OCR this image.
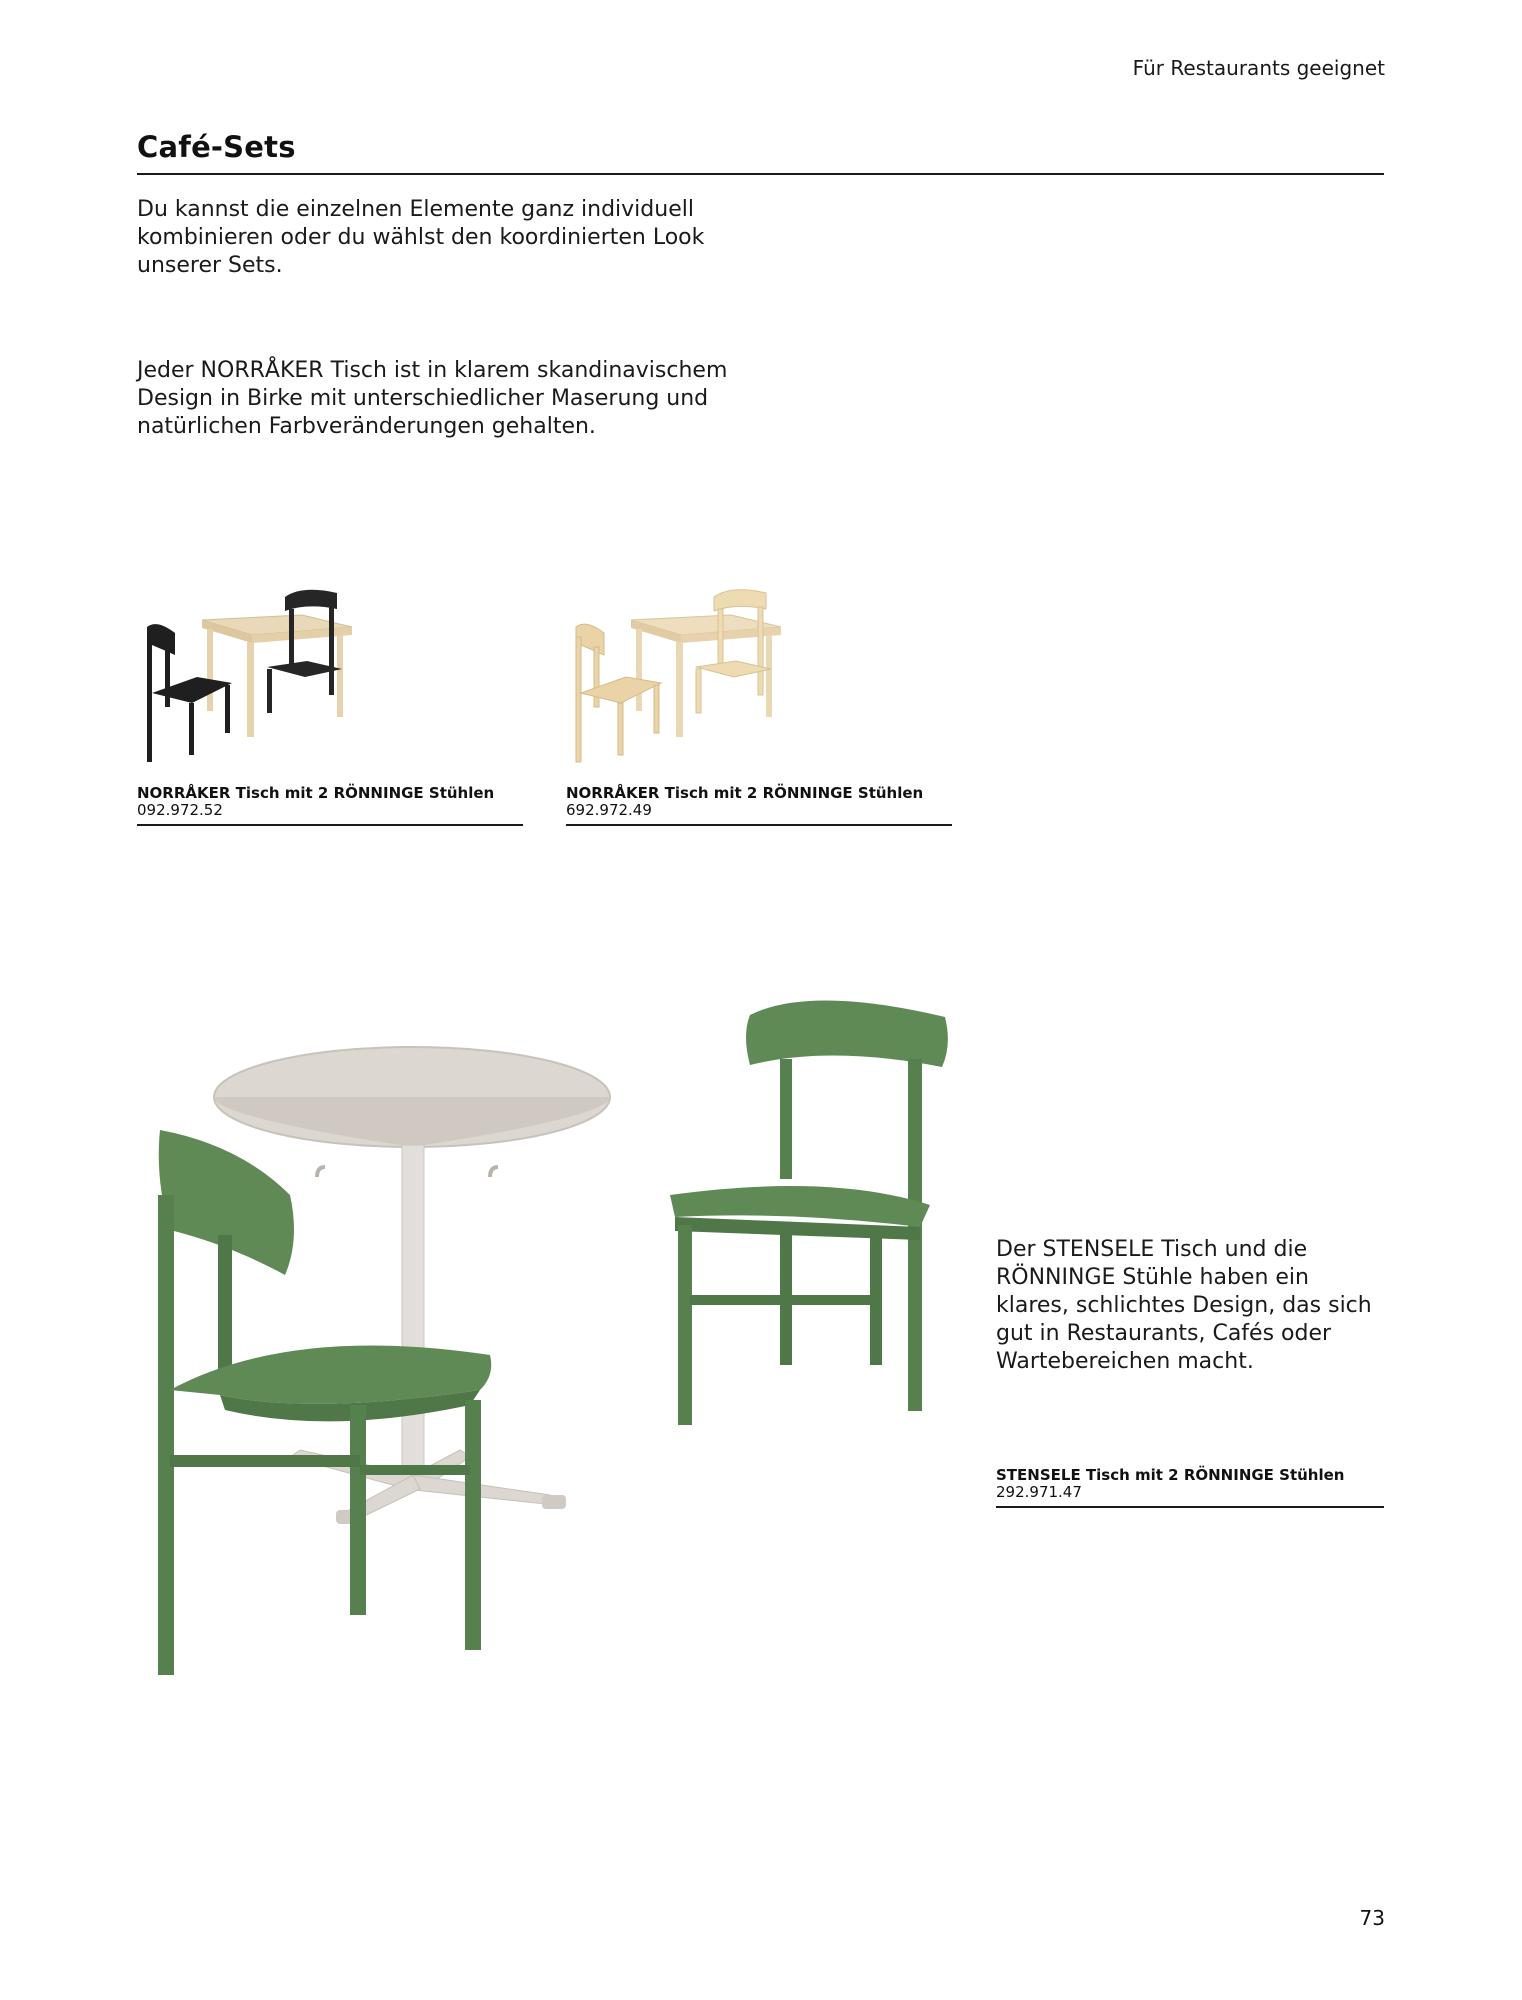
Für Restaurants geeignet
Café-Sets
Du kannst die einzelnen Elemente ganz individuell kombinieren oder du wählst den koordinierten Look unserer Sets.
Jeder NORRÅKER Tisch ist in klarem skandinavischem Design in Birke mit unterschiedlicher Maserung und natürlichen Farbveränderungen gehalten.
NORRÅKER Tisch mit 2 RÖNNINGE Stühlen
092.972.52
NORRÅKER Tisch mit 2 RÖNNINGE Stühlen
692.972.49
Der STENSELE Tisch und die RÖNNINGE Stühle haben ein klares, schlichtes Design, das sich gut in Restaurants, Cafés oder Wartebereichen macht.
STENSELE Tisch mit 2 RÖNNINGE Stühlen
292.971.47
73
